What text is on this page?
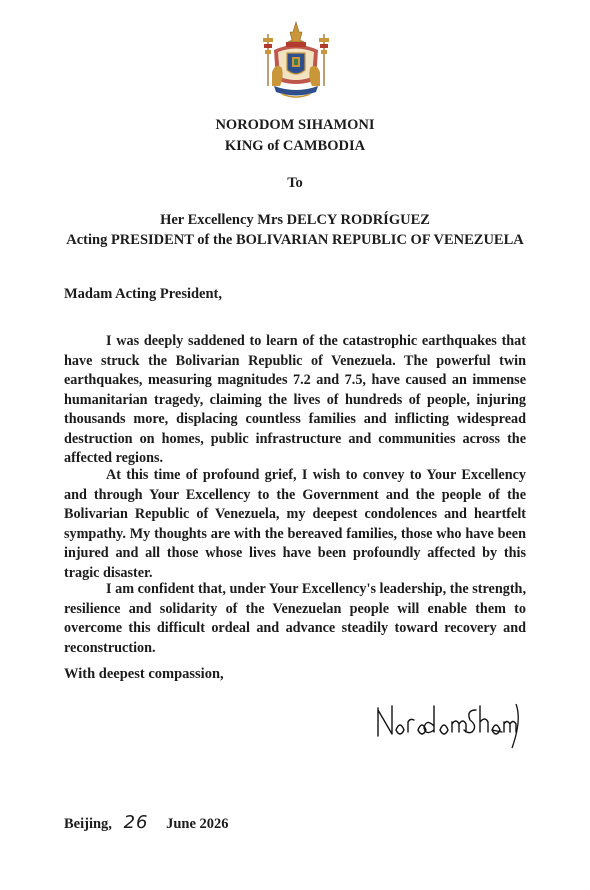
NORODOM SIHAMONI
KING of CAMBODIA
To
Her Excellency Mrs DELCY RODRÍGUEZ
Acting PRESIDENT of the BOLIVARIAN REPUBLIC OF VENEZUELA
Madam Acting President,

I was deeply saddened to learn of the catastrophic earthquakes that have struck the Bolivarian Republic of Venezuela. The powerful twin earthquakes, measuring magnitudes 7.2 and 7.5, have caused an immense humanitarian tragedy, claiming the lives of hundreds of people, injuring thousands more, displacing countless families and inflicting widespread destruction on homes, public infrastructure and communities across the affected regions.

At this time of profound grief, I wish to convey to Your Excellency and through Your Excellency to the Government and the people of the Bolivarian Republic of Venezuela, my deepest condolences and heartfelt sympathy. My thoughts are with the bereaved families, those who have been injured and all those whose lives have been profoundly affected by this tragic disaster.

I am confident that, under Your Excellency's leadership, the strength, resilience and solidarity of the Venezuelan people will enable them to overcome this difficult ordeal and advance steadily toward recovery and reconstruction.

With deepest compassion,
Beijing, 26 June 2026
